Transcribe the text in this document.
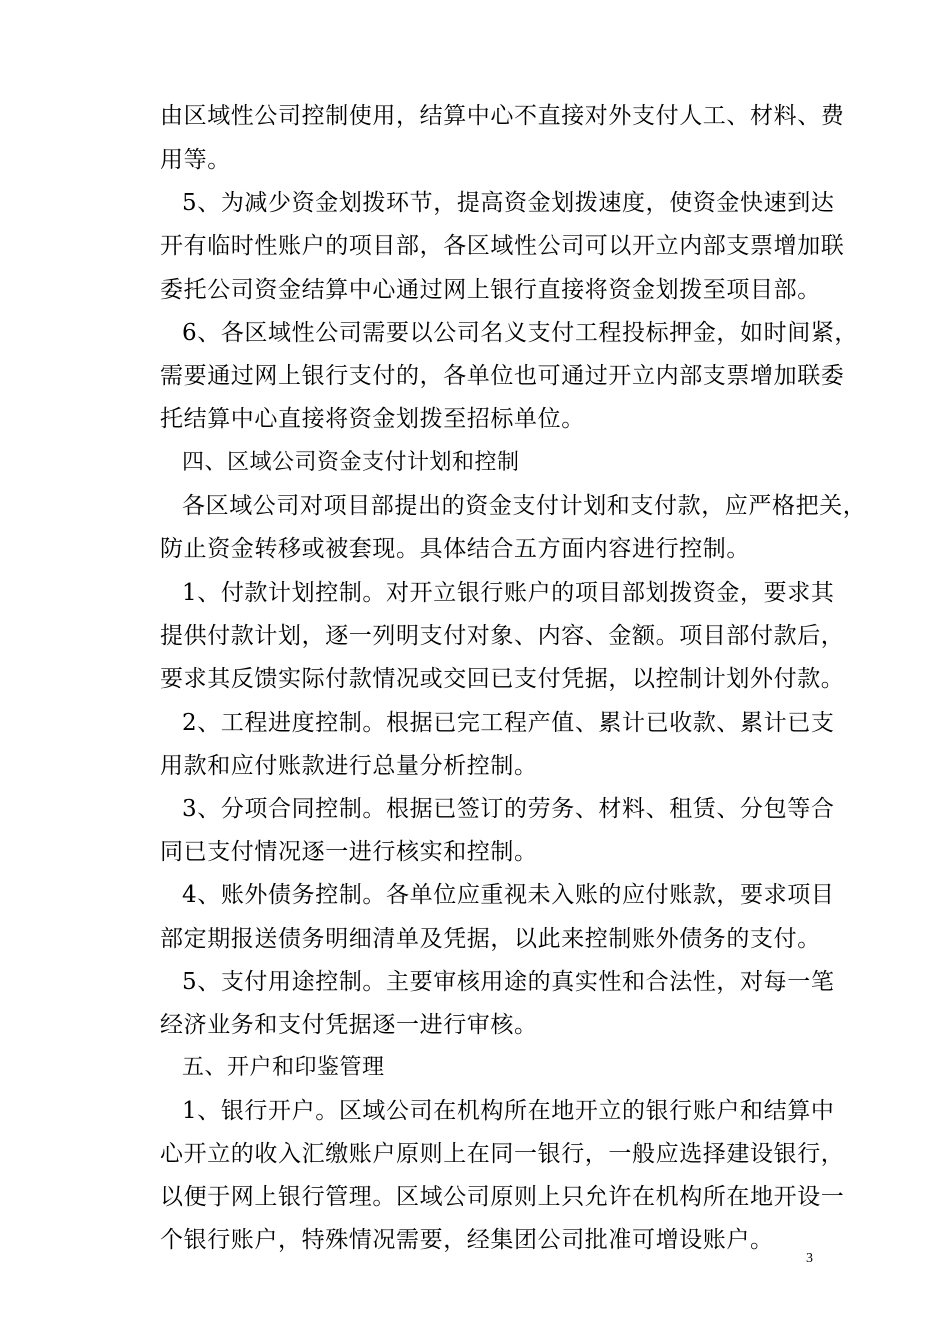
由区域性公司控制使用，结算中心不直接对外支付人工、材料、费
用等。
5、为减少资金划拨环节，提高资金划拨速度，使资金快速到达
开有临时性账户的项目部，各区域性公司可以开立内部支票增加联
委托公司资金结算中心通过网上银行直接将资金划拨至项目部。
6、各区域性公司需要以公司名义支付工程投标押金，如时间紧，
需要通过网上银行支付的，各单位也可通过开立内部支票增加联委
托结算中心直接将资金划拨至招标单位。
四、区域公司资金支付计划和控制
各区域公司对项目部提出的资金支付计划和支付款，应严格把关，
防止资金转移或被套现。具体结合五方面内容进行控制。
1、付款计划控制。对开立银行账户的项目部划拨资金，要求其
提供付款计划，逐一列明支付对象、内容、金额。项目部付款后，
要求其反馈实际付款情况或交回已支付凭据，以控制计划外付款。
2、工程进度控制。根据已完工程产值、累计已收款、累计已支
用款和应付账款进行总量分析控制。
3、分项合同控制。根据已签订的劳务、材料、租赁、分包等合
同已支付情况逐一进行核实和控制。
4、账外债务控制。各单位应重视未入账的应付账款，要求项目
部定期报送债务明细清单及凭据，以此来控制账外债务的支付。
5、支付用途控制。主要审核用途的真实性和合法性，对每一笔
经济业务和支付凭据逐一进行审核。
五、开户和印鉴管理
1、银行开户。区域公司在机构所在地开立的银行账户和结算中
心开立的收入汇缴账户原则上在同一银行，一般应选择建设银行，
以便于网上银行管理。区域公司原则上只允许在机构所在地开设一
个银行账户，特殊情况需要，经集团公司批准可增设账户。
3
